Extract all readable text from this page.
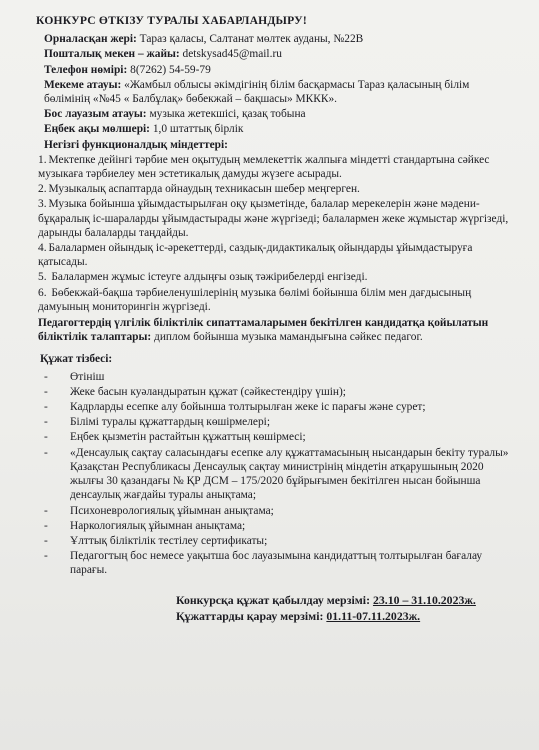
КОНКУРС ӨТКІЗУ ТУРАЛЫ ХАБАРЛАНДЫРУ!
Орналасқан жері: Тараз қаласы, Салтанат мөлтек ауданы, №22В
Пошталық мекен – жайы: detskysad45@mail.ru
Телефон нөмірі: 8(7262) 54-59-79
Мекеме атауы: «Жамбыл облысы әкімдігінің білім басқармасы Тараз қаласының білім бөлімінің «№45 « Балбұлақ» бөбекжай – бақшасы» МККК».
Бос лауазым атауы: музыка жетекшісі, қазақ тобына
Еңбек ақы мөлшері: 1,0 штаттық бірлік
Негізгі функционалдық міндеттері:
1. Мектепке дейінгі тәрбие мен оқытудың мемлекеттік жалпыға міндетті стандартына сәйкес музыкаға тәрбиелеу мен эстетикалық дамуды жүзеге асырады.
2. Музыкалық аспаптарда ойнаудың техникасын шебер меңгерген.
3. Музыка бойынша ұйымдастырылған оқу қызметінде, балалар мерекелерін және мәдени- бұқаралық іс-шараларды ұйымдастырады және жүргізеді; балалармен жеке жұмыстар жүргізеді, дарынды балаларды таңдайды.
4. Балалармен ойындық іс-әрекеттерді, саздық-дидактикалық ойындарды ұйымдастыруға қатысады.
5. Балалармен жұмыс істеуге алдыңғы озық тәжірибелерді енгізеді.
6. Бөбекжай-бақша тәрбиеленушілерінің музыка бөлімі бойынша білім мен дағдысының дамуының мониторингін жүргізеді.
Педагогтердің үлгілік біліктілік сипаттамаларымен бекітілген кандидатқа қойылатын біліктілік талаптары: диплом бойынша музыка мамандығына сәйкес педагог.
Құжат тізбесі:
- Өтініш
- Жеке басын куәландыратын құжат (сәйкестендіру үшін);
- Кадрларды есепке алу бойынша толтырылған жеке іс парағы және сурет;
- Білімі туралы құжаттардың көшірмелері;
- Еңбек қызметін растайтын құжаттың көшірмесі;
- «Денсаулық сақтау саласындағы есепке алу құжаттамасының нысандарын бекіту туралы» Қазақстан Республикасы Денсаулық сақтау министрінің міндетін атқарушының 2020 жылғы 30 қазандағы № ҚР ДСМ – 175/2020 бұйрығымен бекітілген нысан бойынша денсаулық жағдайы туралы анықтама;
- Психоневрологиялық ұйымнан анықтама;
- Наркологиялық ұйымнан анықтама;
- Ұлттық біліктілік тестілеу сертификаты;
- Педагогтың бос немесе уақытша бос лауазымына кандидаттың толтырылған бағалау парағы.
Конкурсқа құжат қабылдау мерзімі: 23.10 – 31.10.2023ж.
Құжаттарды қарау мерзімі: 01.11-07.11.2023ж.
